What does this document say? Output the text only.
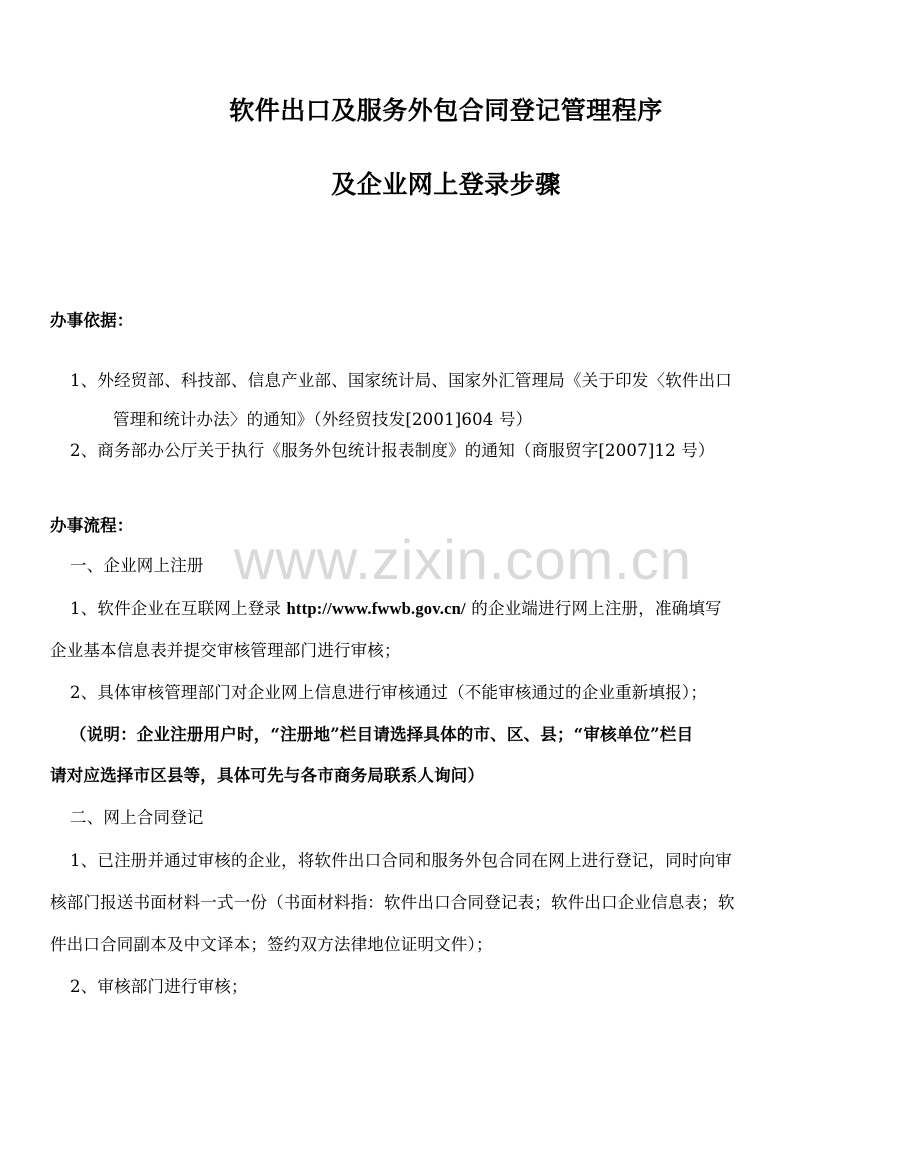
软件出口及服务外包合同登记管理程序
及企业网上登录步骤
办事依据：
1、外经贸部、科技部、信息产业部、国家统计局、国家外汇管理局《关于印发〈软件出口
管理和统计办法〉的通知》（外经贸技发[2001]604 号）
2、商务部办公厅关于执行《服务外包统计报表制度》的通知（商服贸字[2007]12 号）
办事流程：
www.zixin.com.cn
一、企业网上注册
1、软件企业在互联网上登录 http://www.fwwb.gov.cn/ 的企业端进行网上注册，准确填写
企业基本信息表并提交审核管理部门进行审核；
2、具体审核管理部门对企业网上信息进行审核通过（不能审核通过的企业重新填报）；
（说明：企业注册用户时，“注册地”栏目请选择具体的市、区、县；“审核单位”栏目
请对应选择市区县等，具体可先与各市商务局联系人询问）
二、网上合同登记
1、已注册并通过审核的企业，将软件出口合同和服务外包合同在网上进行登记，同时向审
核部门报送书面材料一式一份（书面材料指：软件出口合同登记表；软件出口企业信息表；软
件出口合同副本及中文译本；签约双方法律地位证明文件）；
2、审核部门进行审核；
